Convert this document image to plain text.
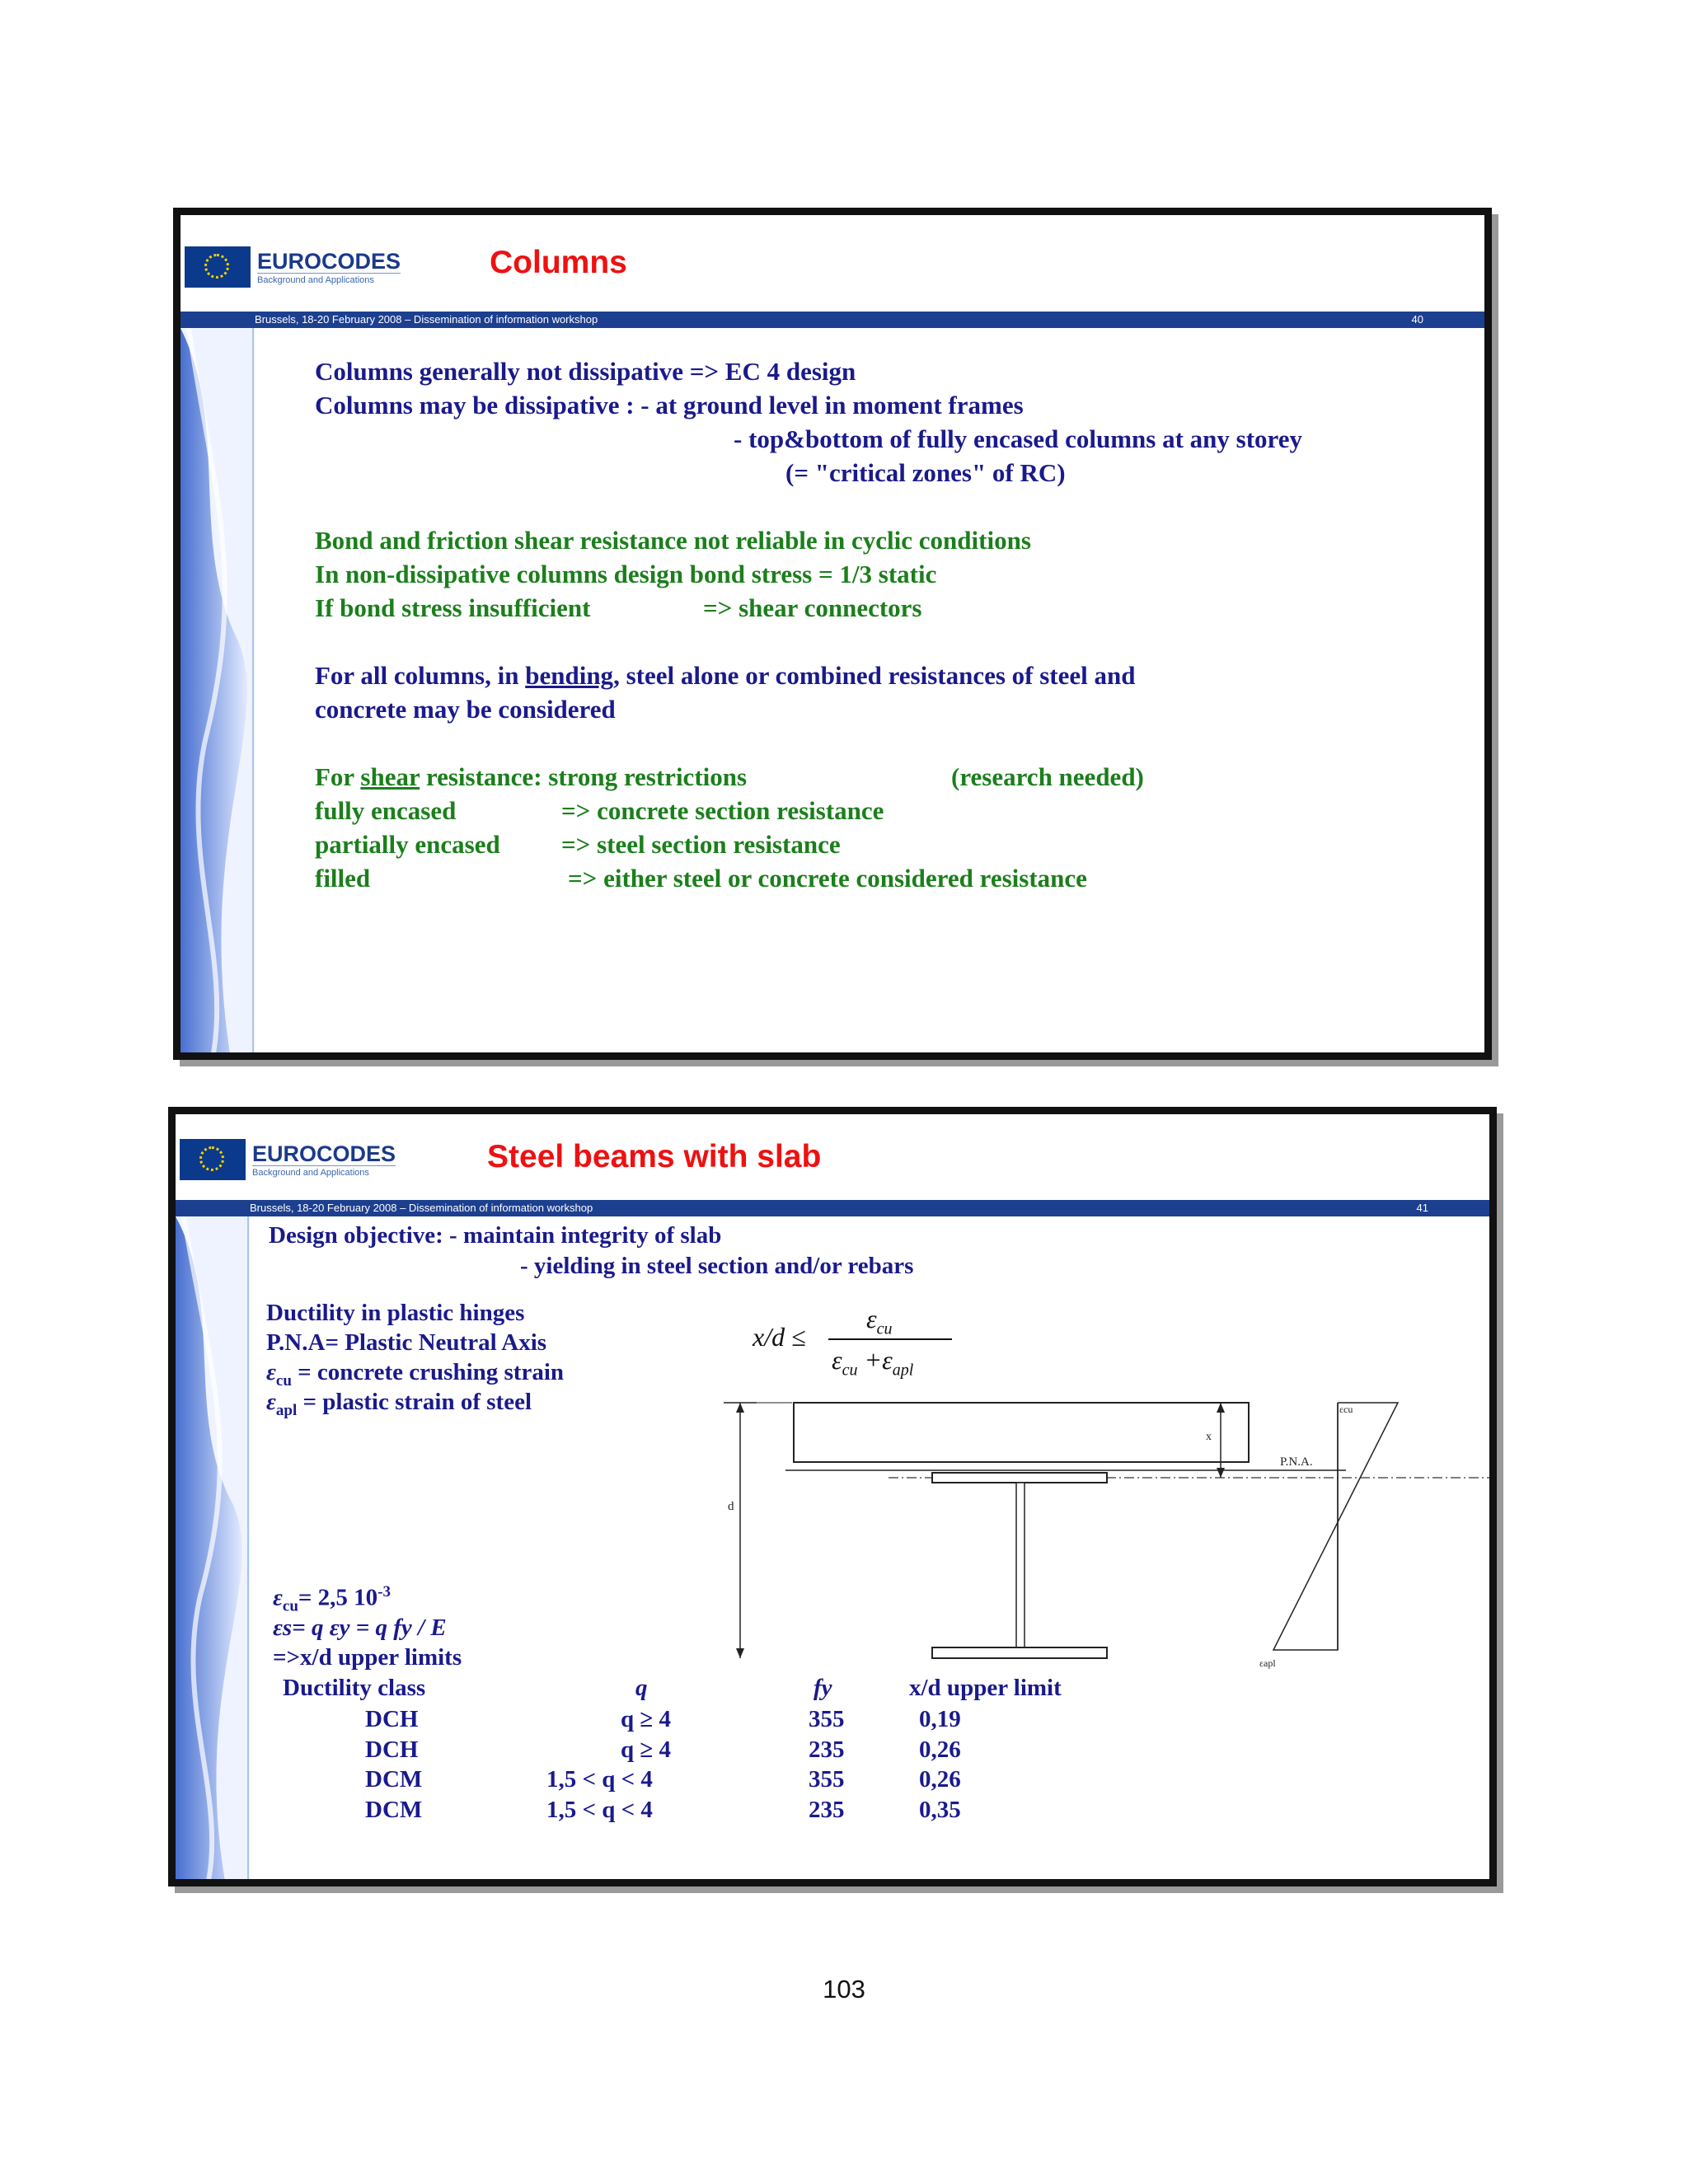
EUROCODES
Background and Applications	Columns
Brussels, 18-20 February 2008 – Dissemination of information workshop	40
Columns generally not dissipative => EC 4 design
Columns may be dissipative : - at ground level in moment frames
- top&bottom of fully encased columns at any storey
(= "critical zones" of RC)
Bond and friction shear resistance not reliable in cyclic conditions
In non-dissipative columns design bond stress = 1/3 static
If bond stress insufficient	=> shear connectors
For all columns, in bending, steel alone or combined resistances of steel and
concrete may be considered
For shear resistance: strong restrictions	(research needed)
fully encased	=> concrete section resistance
partially encased => steel section resistance
filled	=> either steel or concrete considered resistance
EUROCODES
Background and Applications	Steel beams with slab
Brussels, 18-20 February 2008 – Dissemination of information workshop	41
Design objective: - maintain integrity of slab
- yielding in steel section and/or rebars
Ductility in plastic hinges
P.N.A= Plastic Neutral Axis
$\varepsilon_{cu}$ = concrete crushing strain
$\varepsilon_{apl}$ = plastic strain of steel
x/d ≤
$\varepsilon_{cu}$
$\varepsilon_{cu} +\varepsilon_{apl}$
d
x
P.N.A.
εcu
εapl
$\varepsilon_{cu}= 2,5$ $10^{-3}$
εs= q εy = q fy / E
=>x/d upper limits
Ductility class	q	fy	x/d upper limit
DCH	q ≥ 4	355	0,19
DCH	q ≥ 4	235	0,26
DCM	1,5 < q < 4	355	0,26
DCM	1,5 < q < 4	235	0,35
103
